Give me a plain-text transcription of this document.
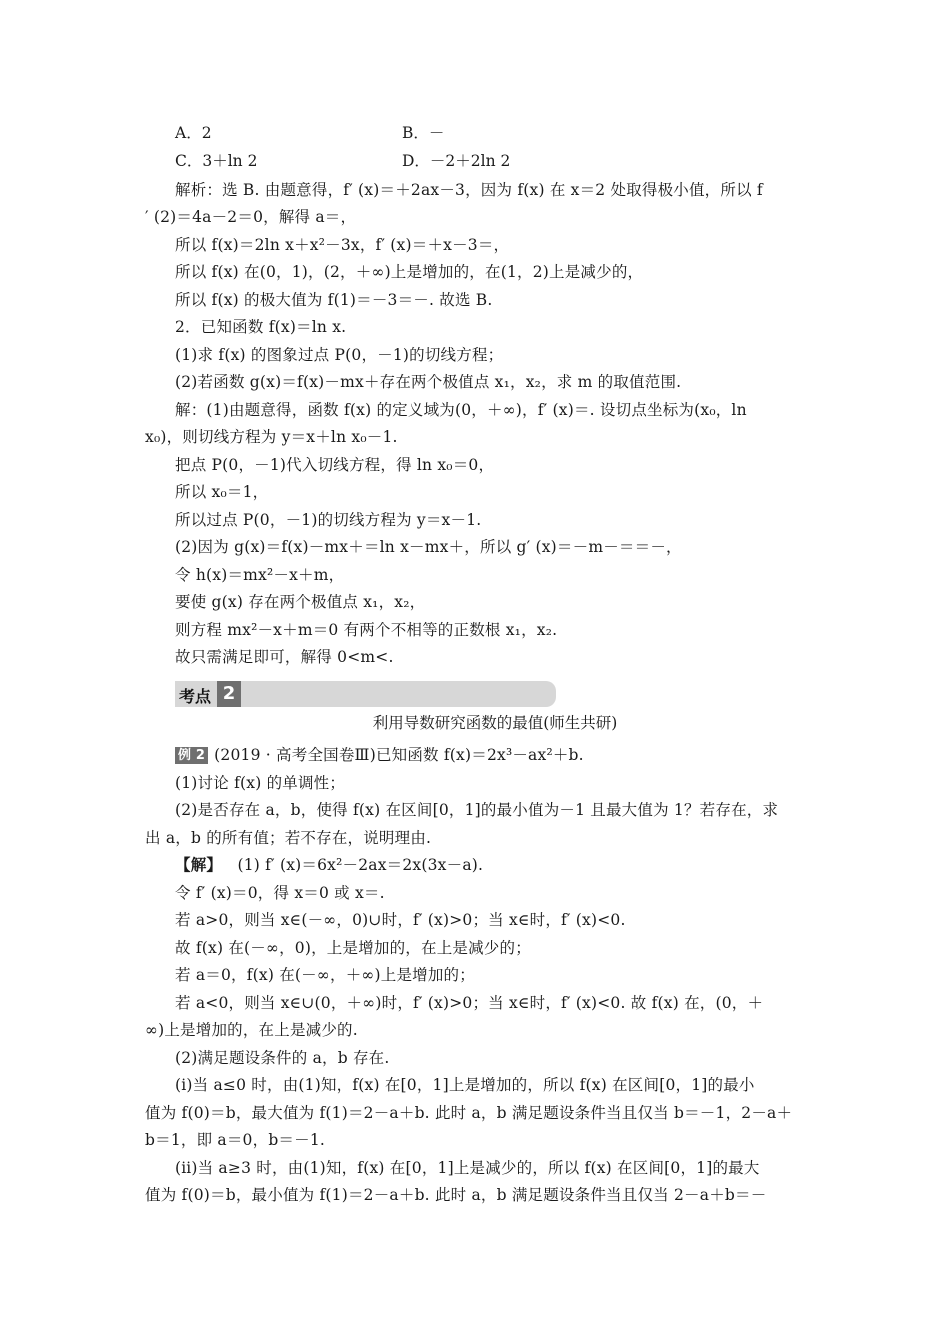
A．2	B．－
C．3＋ln 2	D．－2＋2ln 2
解析：选 B. 由题意得，f′ (x)＝＋2ax－3，因为 f(x) 在 x＝2 处取得极小值，所以 f
′ (2)＝4a－2＝0，解得 a＝，
所以 f(x)＝2ln x＋x²－3x，f′ (x)＝＋x－3＝，
所以 f(x) 在(0，1)，(2，＋∞)上是增加的，在(1，2)上是减少的，
所以 f(x) 的极大值为 f(1)＝－3＝－. 故选 B.
2．已知函数 f(x)＝ln x.
(1)求 f(x) 的图象过点 P(0，－1)的切线方程；
(2)若函数 g(x)＝f(x)－mx＋存在两个极值点 x₁，x₂，求 m 的取值范围.
解：(1)由题意得，函数 f(x) 的定义域为(0，＋∞)，f′ (x)＝. 设切点坐标为(x₀，ln
x₀)，则切线方程为 y＝x＋ln x₀－1.
把点 P(0，－1)代入切线方程，得 ln x₀＝0，
所以 x₀＝1，
所以过点 P(0，－1)的切线方程为 y＝x－1.
(2)因为 g(x)＝f(x)－mx＋＝ln x－mx＋，所以 g′ (x)＝－m－＝＝－，
令 h(x)＝mx²－x＋m，
要使 g(x) 存在两个极值点 x₁，x₂，
则方程 mx²－x＋m＝0 有两个不相等的正数根 x₁，x₂.
故只需满足即可，解得 0<m<.
考点 2
利用导数研究函数的最值(师生共研)
例 2 (2019 · 高考全国卷Ⅲ)已知函数 f(x)＝2x³－ax²＋b.
(1)讨论 f(x) 的单调性；
(2)是否存在 a，b，使得 f(x) 在区间[0，1]的最小值为－1 且最大值为 1？若存在，求
出 a，b 的所有值；若不存在，说明理由.
【解】 (1) f′ (x)＝6x²－2ax＝2x(3x－a).
令 f′ (x)＝0，得 x＝0 或 x＝.
若 a>0，则当 x∈(－∞，0)∪时，f′ (x)>0；当 x∈时，f′ (x)<0.
故 f(x) 在(－∞，0)，上是增加的，在上是减少的；
若 a＝0，f(x) 在(－∞，＋∞)上是增加的；
若 a<0，则当 x∈∪(0，＋∞)时，f′ (x)>0；当 x∈时，f′ (x)<0. 故 f(x) 在，(0，＋
∞)上是增加的，在上是减少的.
(2)满足题设条件的 a，b 存在.
(ⅰ)当 a≤0 时，由(1)知，f(x) 在[0，1]上是增加的，所以 f(x) 在区间[0，1]的最小
值为 f(0)＝b，最大值为 f(1)＝2－a＋b. 此时 a，b 满足题设条件当且仅当 b＝－1，2－a＋
b＝1，即 a＝0，b＝－1.
(ⅱ)当 a≥3 时，由(1)知，f(x) 在[0，1]上是减少的，所以 f(x) 在区间[0，1]的最大
值为 f(0)＝b，最小值为 f(1)＝2－a＋b. 此时 a，b 满足题设条件当且仅当 2－a＋b＝－
